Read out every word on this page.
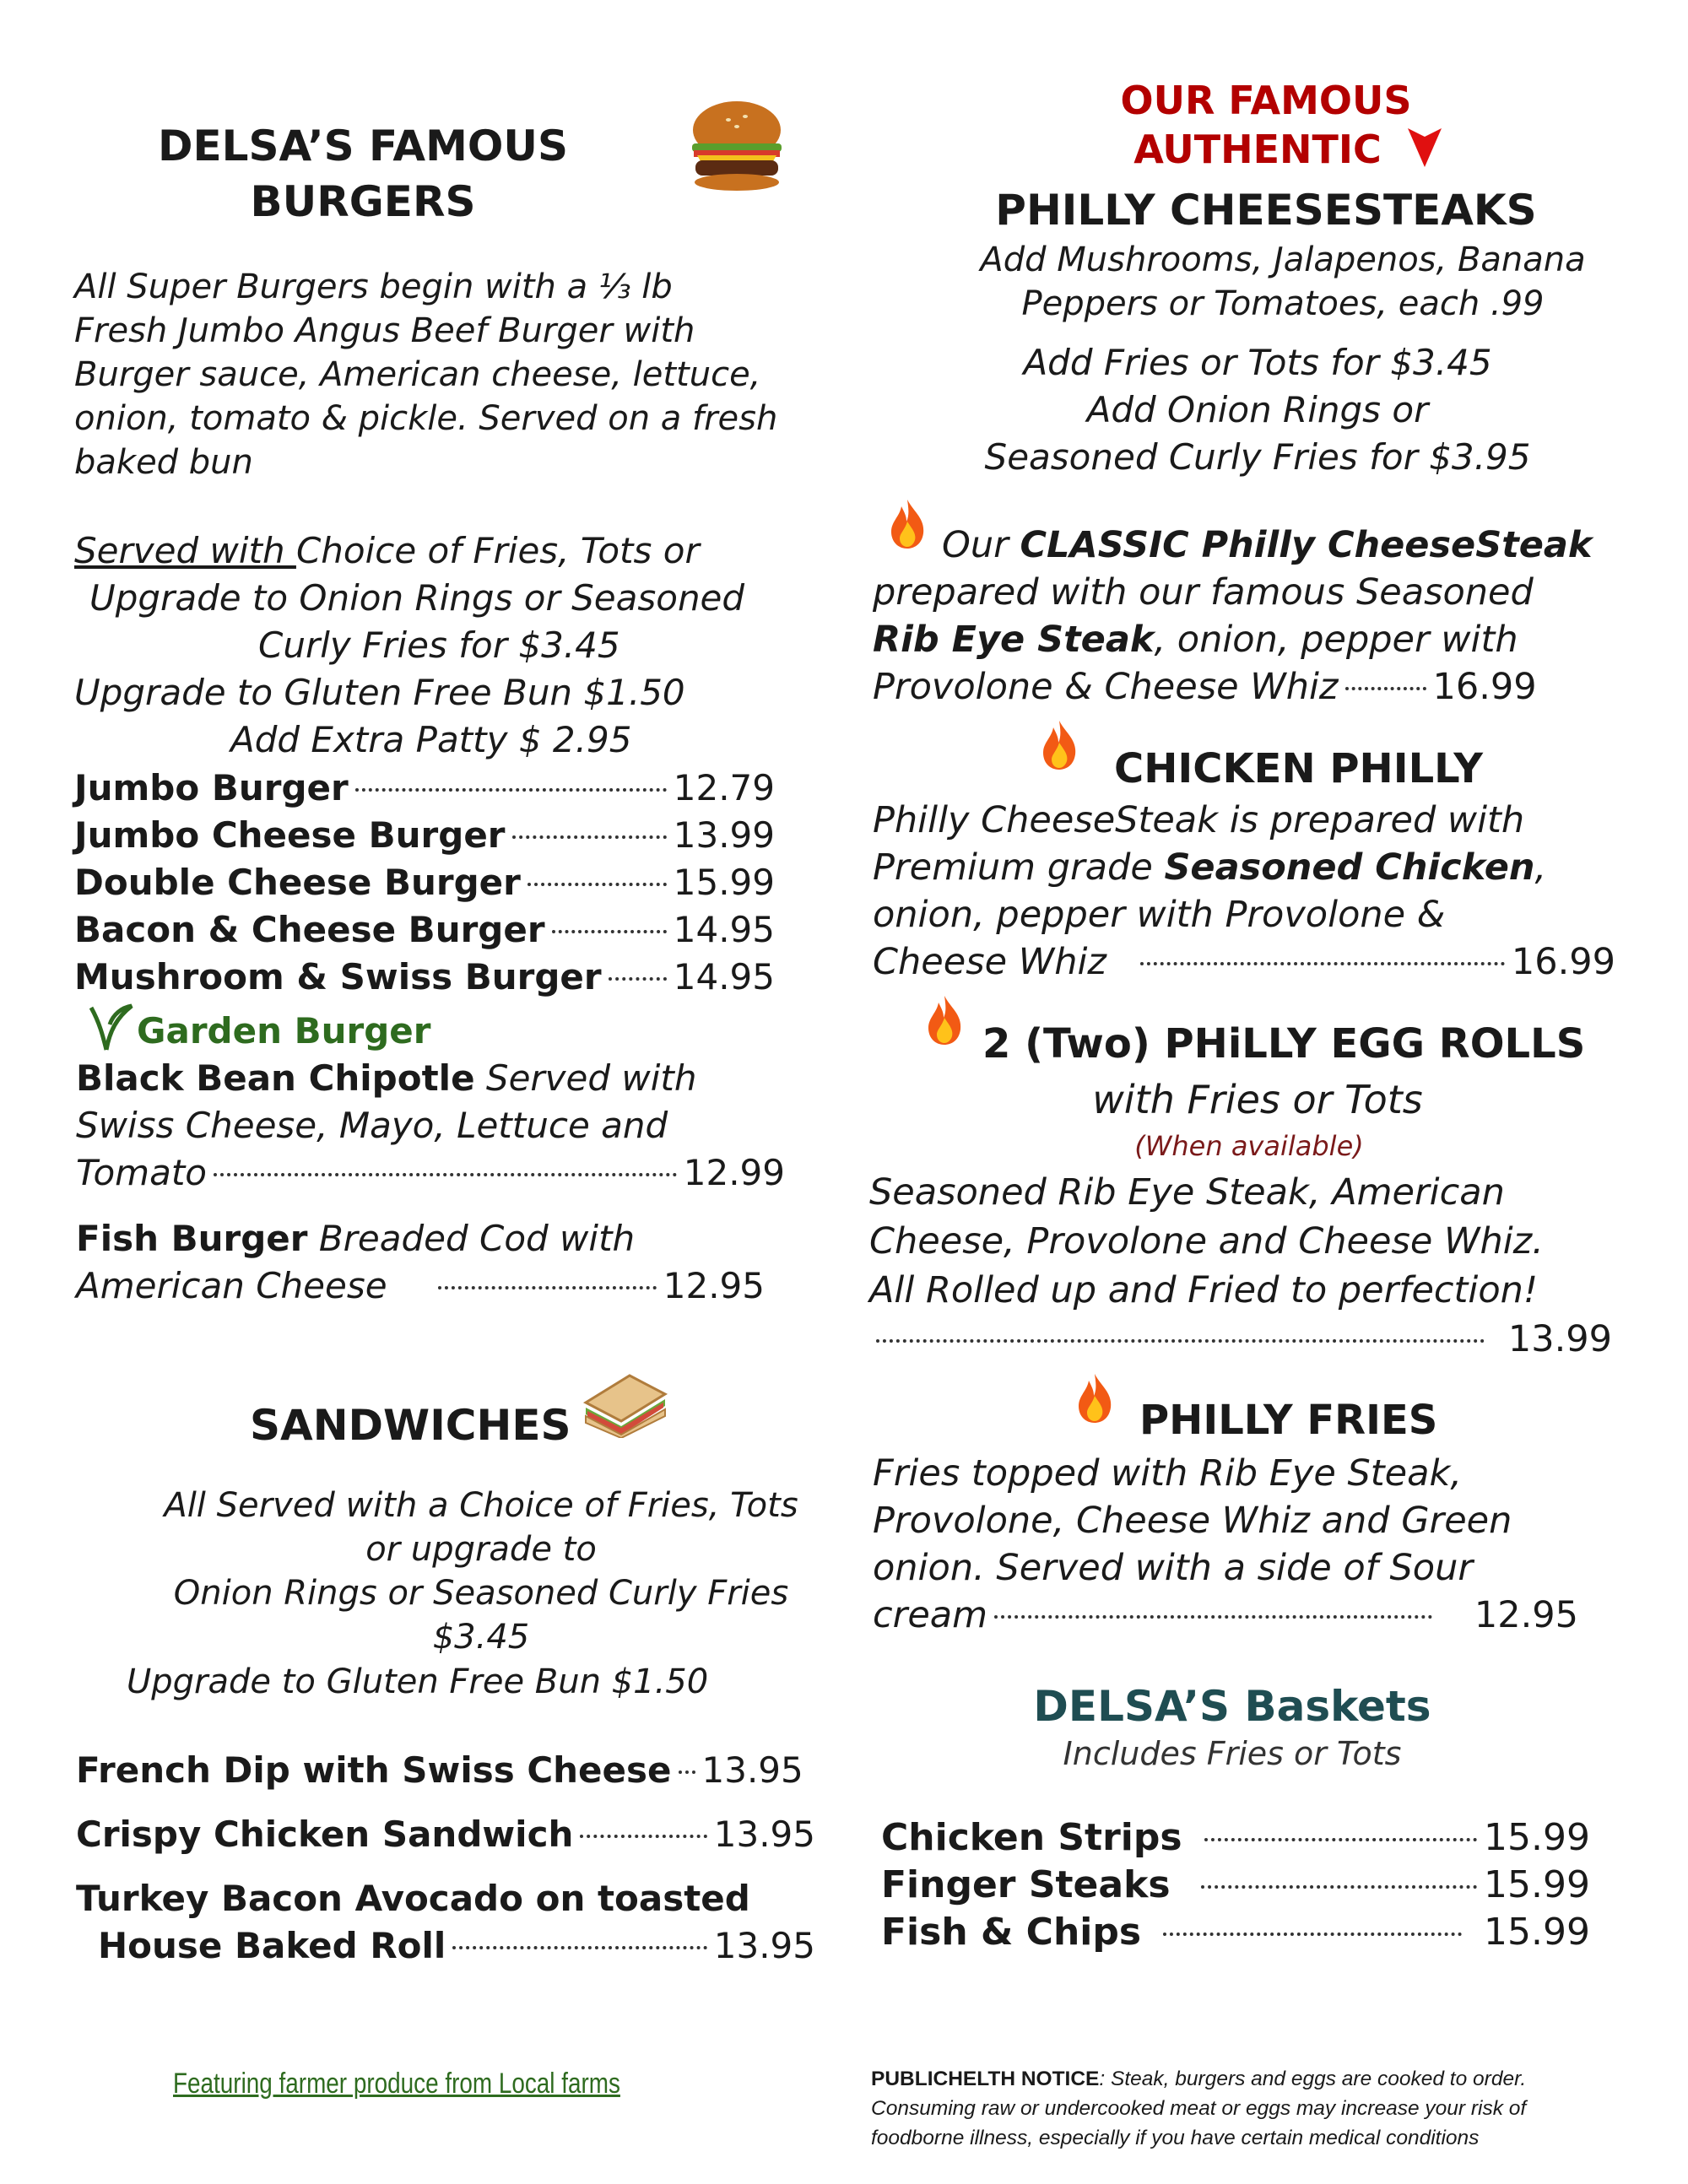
DELSA’S FAMOUS
BURGERS
All Super Burgers begin with a ⅓ lb
Fresh Jumbo Angus Beef Burger with
Burger sauce, American cheese, lettuce,
onion, tomato & pickle. Served on a fresh
baked bun
Served with Choice of Fries, Tots or
Upgrade to Onion Rings or Seasoned
Curly Fries for $3.45
Upgrade to Gluten Free Bun $1.50
Add Extra Patty $ 2.95
Jumbo Burger	12.79
Jumbo Cheese Burger	13.99
Double Cheese Burger	15.99
Bacon & Cheese Burger	14.95
Mushroom & Swiss Burger 14.95
Garden Burger
Black Bean Chipotle Served with
Swiss Cheese, Mayo, Lettuce and
Tomato	12.99
Fish Burger Breaded Cod with
American Cheese	12.95
SANDWICHES
All Served with a Choice of Fries, Tots
or upgrade to
Onion Rings or Seasoned Curly Fries
$3.45
Upgrade to Gluten Free Bun $1.50
French Dip with Swiss Cheese 13.95
Crispy Chicken Sandwich	13.95
Turkey Bacon Avocado on toasted
House Baked Roll	13.95
Featuring farmer produce from Local farms
OUR FAMOUS
AUTHENTIC
PHILLY CHEESESTEAKS
Add Mushrooms, Jalapenos, Banana
Peppers or Tomatoes, each .99
Add Fries or Tots for $3.45
Add Onion Rings or
Seasoned Curly Fries for $3.95
Our CLASSIC Philly CheeseSteak
prepared with our famous Seasoned
Rib Eye Steak, onion, pepper with
Provolone & Cheese Whiz	16.99
CHICKEN PHILLY
Philly CheeseSteak is prepared with
Premium grade Seasoned Chicken,
onion, pepper with Provolone &
Cheese Whiz	16.99
2 (Two) PHiLLY EGG ROLLS
with Fries or Tots
(When available)
Seasoned Rib Eye Steak, American
Cheese, Provolone and Cheese Whiz.
All Rolled up and Fried to perfection!
13.99
PHILLY FRIES
Fries topped with Rib Eye Steak,
Provolone, Cheese Whiz and Green
onion. Served with a side of Sour
cream	12.95
DELSA’S Baskets
Includes Fries or Tots
Chicken Strips	15.99
Finger Steaks	15.99
Fish & Chips	15.99
PUBLICHELTH NOTICE: Steak, burgers and eggs are cooked to order.
Consuming raw or undercooked meat or eggs may increase your risk of
foodborne illness, especially if you have certain medical conditions
